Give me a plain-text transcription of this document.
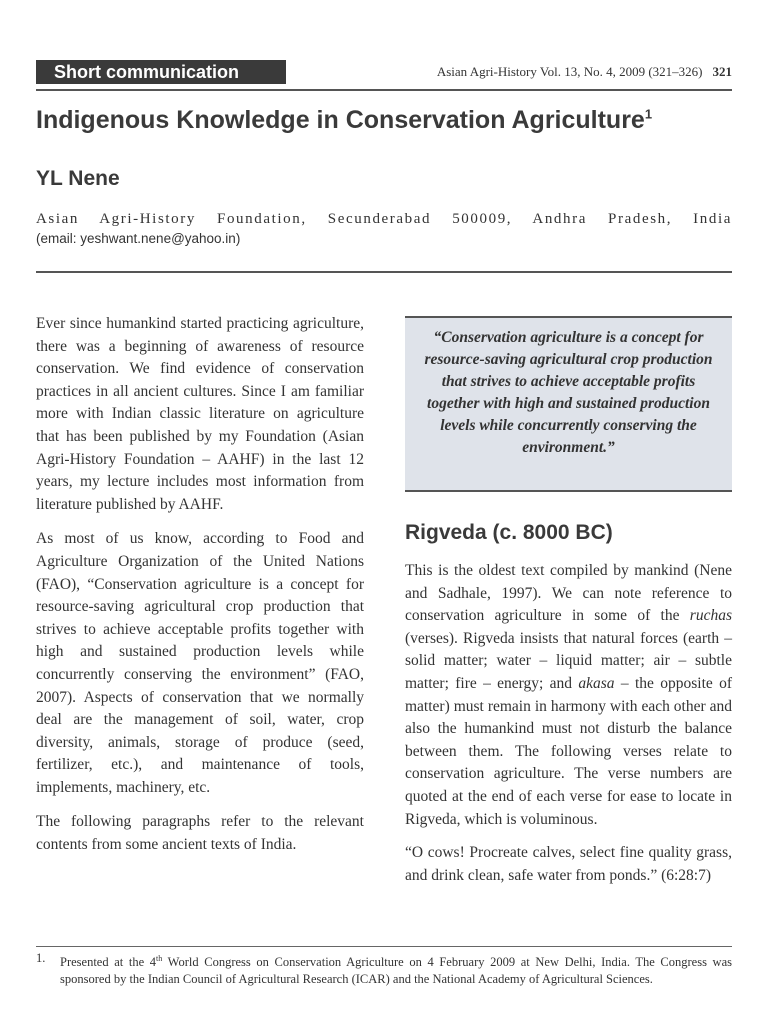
Short communication	Asian Agri-History Vol. 13, No. 4, 2009 (321–326) 321
Indigenous Knowledge in Conservation Agriculture$^1$
YL Nene
Asian Agri-History Foundation, Secunderabad 500009, Andhra Pradesh, India
(email: yeshwant.nene@yahoo.in)

Ever since humankind started practicing agriculture, there was a beginning of awareness of resource conservation. We find evidence of conservation practices in all ancient cultures. Since I am familiar more with Indian classic literature on agriculture that has been published by my Foundation (Asian Agri-History Foundation – AAHF) in the last 12 years, my lecture includes most information from literature published by AAHF.

As most of us know, according to Food and Agriculture Organization of the United Nations (FAO), “Conservation agriculture is a concept for resource-saving agricultural crop production that strives to achieve acceptable profits together with high and sustained production levels while concurrently conserving the environment” (FAO, 2007). Aspects of conservation that we normally deal are the management of soil, water, crop diversity, animals, storage of produce (seed, fertilizer, etc.), and maintenance of tools, implements, machinery, etc.

The following paragraphs refer to the relevant contents from some ancient texts of India.

“Conservation agriculture is a concept for resource-saving agricultural crop production that strives to achieve acceptable profits together with high and sustained production levels while concurrently conserving the environment.”

Rigveda (c. 8000 BC)

This is the oldest text compiled by mankind (Nene and Sadhale, 1997). We can note reference to conservation agriculture in some of the ruchas (verses). Rigveda insists that natural forces (earth – solid matter; water – liquid matter; air – subtle matter; fire – energy; and akasa – the opposite of matter) must remain in harmony with each other and also the humankind must not disturb the balance between them. The following verses relate to conservation agriculture. The verse numbers are quoted at the end of each verse for ease to locate in Rigveda, which is voluminous.

“O cows! Procreate calves, select fine quality grass, and drink clean, safe water from ponds.” (6:28:7)

1. Presented at the 4th World Congress on Conservation Agriculture on 4 February 2009 at New Delhi, India. The Congress was sponsored by the Indian Council of Agricultural Research (ICAR) and the National Academy of Agricultural Sciences.
